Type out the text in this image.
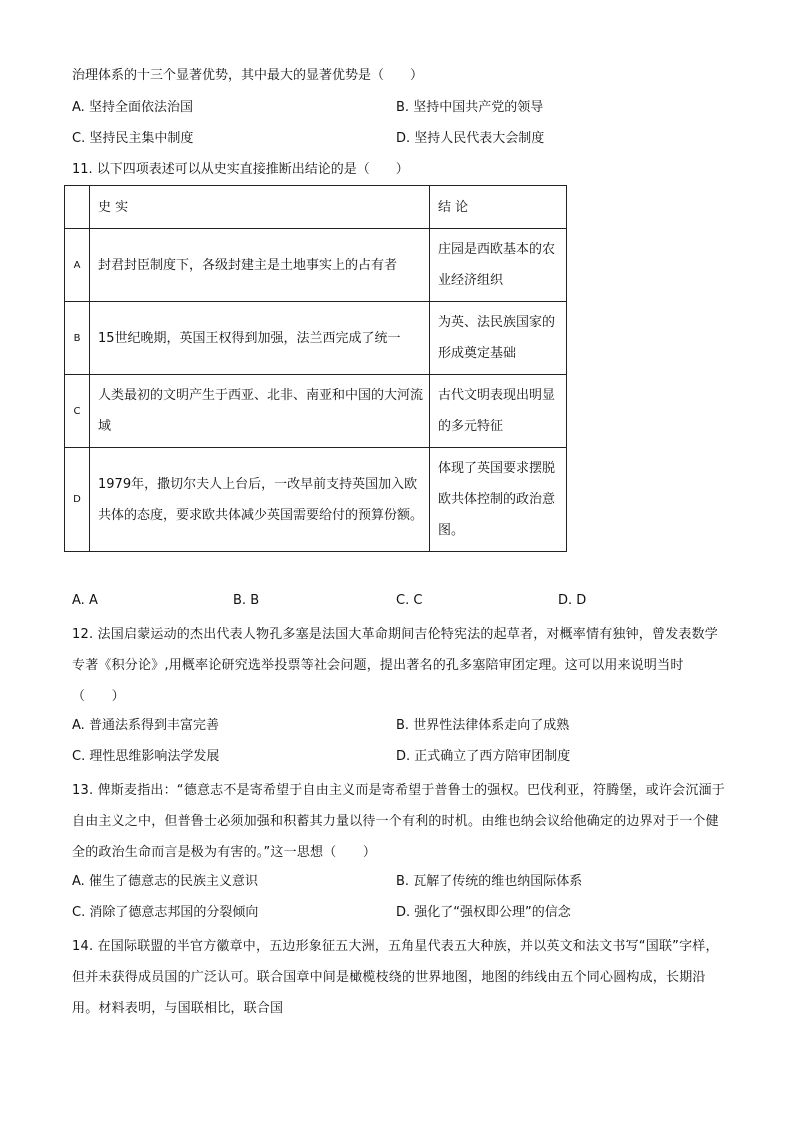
治理体系的十三个显著优势，其中最大的显著优势是（　　）
A. 坚持全面依法治国	B. 坚持中国共产党的领导
C. 坚持民主集中制度	D. 坚持人民代表大会制度
11. 以下四项表述可以从史实直接推断出结论的是（　　）
	史 实	结 论
A	封君封臣制度下，各级封建主是土地事实上的占有者	庄园是西欧基本的农业经济组织
B	15世纪晚期，英国王权得到加强，法兰西完成了统一	为英、法民族国家的形成奠定基础
C	人类最初的文明产生于西亚、北非、南亚和中国的大河流域	古代文明表现出明显的多元特征
D	1979年，撒切尔夫人上台后，一改早前支持英国加入欧共体的态度，要求欧共体减少英国需要给付的预算份额。	体现了英国要求摆脱欧共体控制的政治意图。
A. A	B. B	C. C	D. D
12. 法国启蒙运动的杰出代表人物孔多塞是法国大革命期间吉伦特宪法的起草者，对概率情有独钟，曾发表数学专著《积分论》,用概率论研究选举投票等社会问题，提出著名的孔多塞陪审团定理。这可以用来说明当时（　　）
A. 普通法系得到丰富完善	B. 世界性法律体系走向了成熟
C. 理性思维影响法学发展	D. 正式确立了西方陪审团制度
13. 俾斯麦指出：“德意志不是寄希望于自由主义而是寄希望于普鲁士的强权。巴伐利亚，符腾堡，或许会沉湎于自由主义之中，但普鲁士必须加强和积蓄其力量以待一个有利的时机。由维也纳会议给他确定的边界对于一个健全的政治生命而言是极为有害的。”这一思想（　　）
A. 催生了德意志的民族主义意识	B. 瓦解了传统的维也纳国际体系
C. 消除了德意志邦国的分裂倾向	D. 强化了“强权即公理”的信念
14. 在国际联盟的半官方徽章中，五边形象征五大洲，五角星代表五大种族，并以英文和法文书写“国联”字样，但并未获得成员国的广泛认可。联合国章中间是橄榄枝绕的世界地图，地图的纬线由五个同心圆构成，长期沿用。材料表明，与国联相比，联合国
